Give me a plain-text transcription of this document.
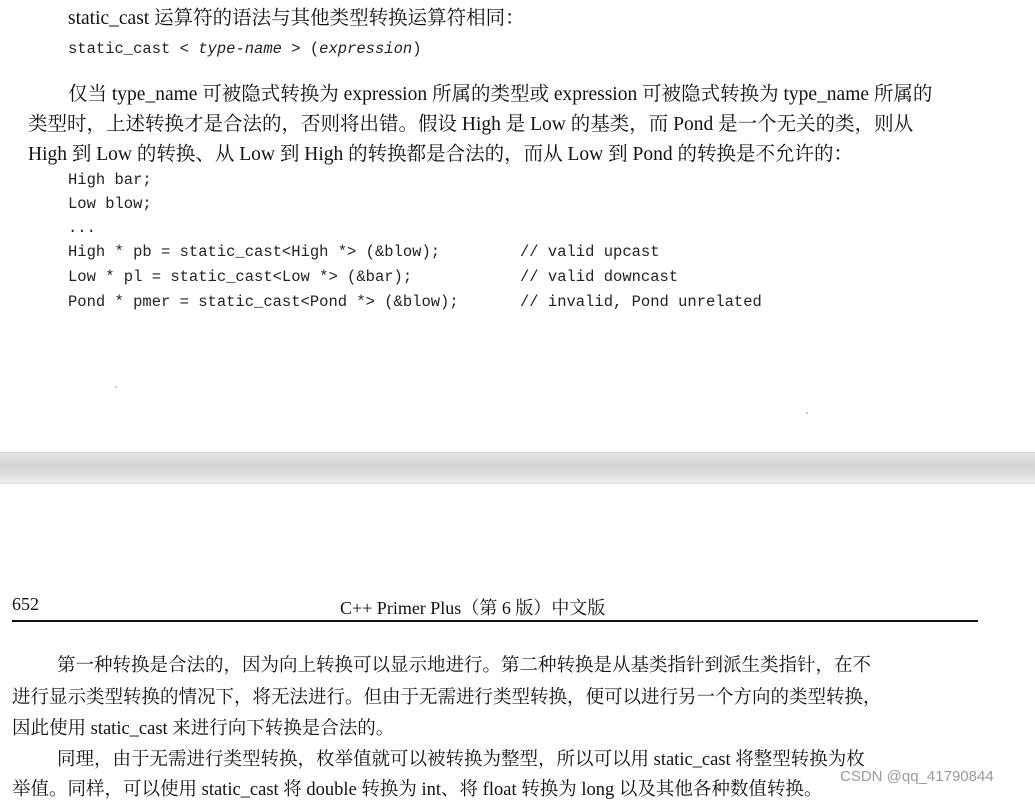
static_cast 运算符的语法与其他类型转换运算符相同：
static_cast < type-name > (expression)
仅当 type_name 可被隐式转换为 expression 所属的类型或 expression 可被隐式转换为 type_name 所属的
类型时，上述转换才是合法的，否则将出错。假设 High 是 Low 的基类，而 Pond 是一个无关的类，则从
High 到 Low 的转换、从 Low 到 High 的转换都是合法的，而从 Low 到 Pond 的转换是不允许的：
High bar;
Low blow;
...
High * pb = static_cast<High *> (&blow);
Low * pl = static_cast<Low *> (&bar);
Pond * pmer = static_cast<Pond *> (&blow);
// valid upcast
// valid downcast
// invalid, Pond unrelated
652	C++ Primer Plus（第 6 版）中文版
第一种转换是合法的，因为向上转换可以显示地进行。第二种转换是从基类指针到派生类指针，在不
进行显示类型转换的情况下，将无法进行。但由于无需进行类型转换，便可以进行另一个方向的类型转换，
因此使用 static_cast 来进行向下转换是合法的。
同理，由于无需进行类型转换，枚举值就可以被转换为整型，所以可以用 static_cast 将整型转换为枚
举值。同样，可以使用 static_cast 将 double 转换为 int、将 float 转换为 long 以及其他各种数值转换。
CSDN @qq_41790844
